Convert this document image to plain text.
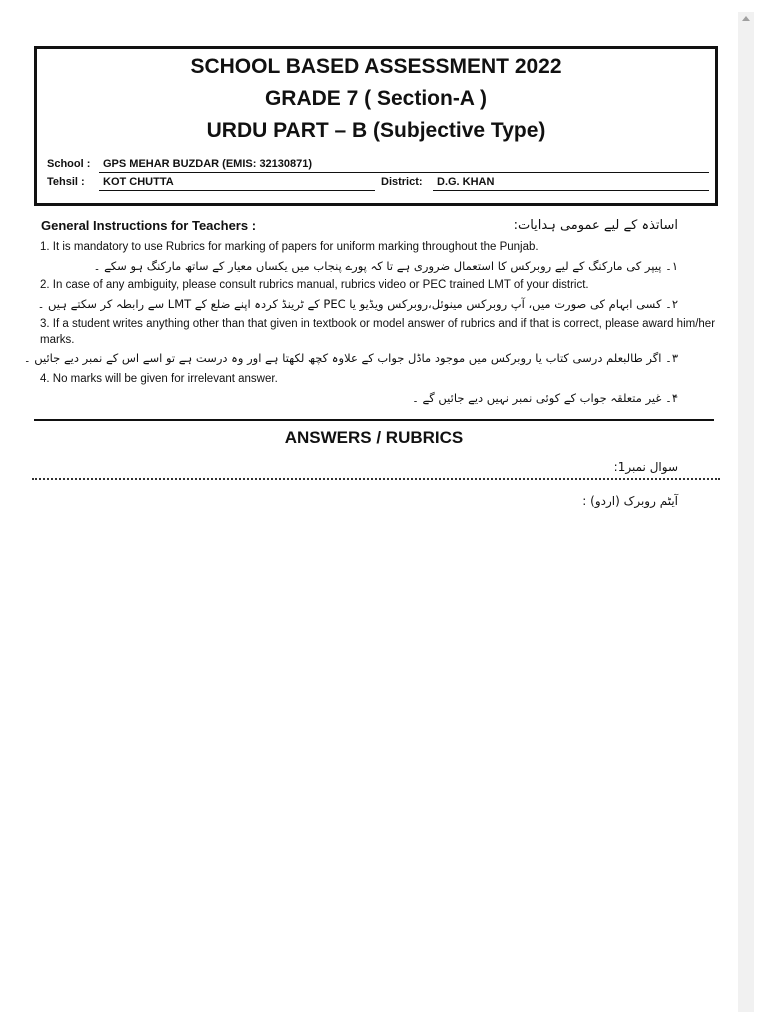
SCHOOL BASED ASSESSMENT 2022
GRADE 7 ( Section-A )
URDU PART – B (Subjective Type)
School :	GPS MEHAR BUZDAR (EMIS: 32130871)
Tehsil :	KOT CHUTTA	District:	D.G. KHAN
General Instructions for Teachers :	اساتذہ کے لیے عمومی ہدایات:
1. It is mandatory to use Rubrics for marking of papers for uniform marking throughout the Punjab.
۱۔ پیپر کی مارکنگ کے لیے روبرکس کا استعمال ضروری ہے تا کہ پورے پنجاب میں یکساں معیار کے ساتھ مارکنگ ہو سکے ۔
2. In case of any ambiguity, please consult rubrics manual, rubrics video or PEC trained LMT of your district.
۲۔ کسی ابہام کی صورت میں، آپ روبرکس مینوئل،روبرکس ویڈیو یا PEC کے ٹرینڈ کردہ اپنے ضلع کے LMT سے رابطہ کر سکتے ہیں ۔
3. If a student writes anything other than that given in textbook or model answer of rubrics and if that is correct, please award him/her marks.
۳۔ اگر طالبعلم درسی کتاب یا روبرکس میں موجود ماڈل جواب کے علاوہ کچھ لکھتا ہے اور وہ درست ہے تو اسے اس کے نمبر دیے جائیں ۔
4. No marks will be given for irrelevant answer.
۴۔ غیر متعلقہ جواب کے کوئی نمبر نہیں دیے جائیں گے ۔
ANSWERS / RUBRICS
سوال نمبر1:
آیٹم روبرک (اردو) :
